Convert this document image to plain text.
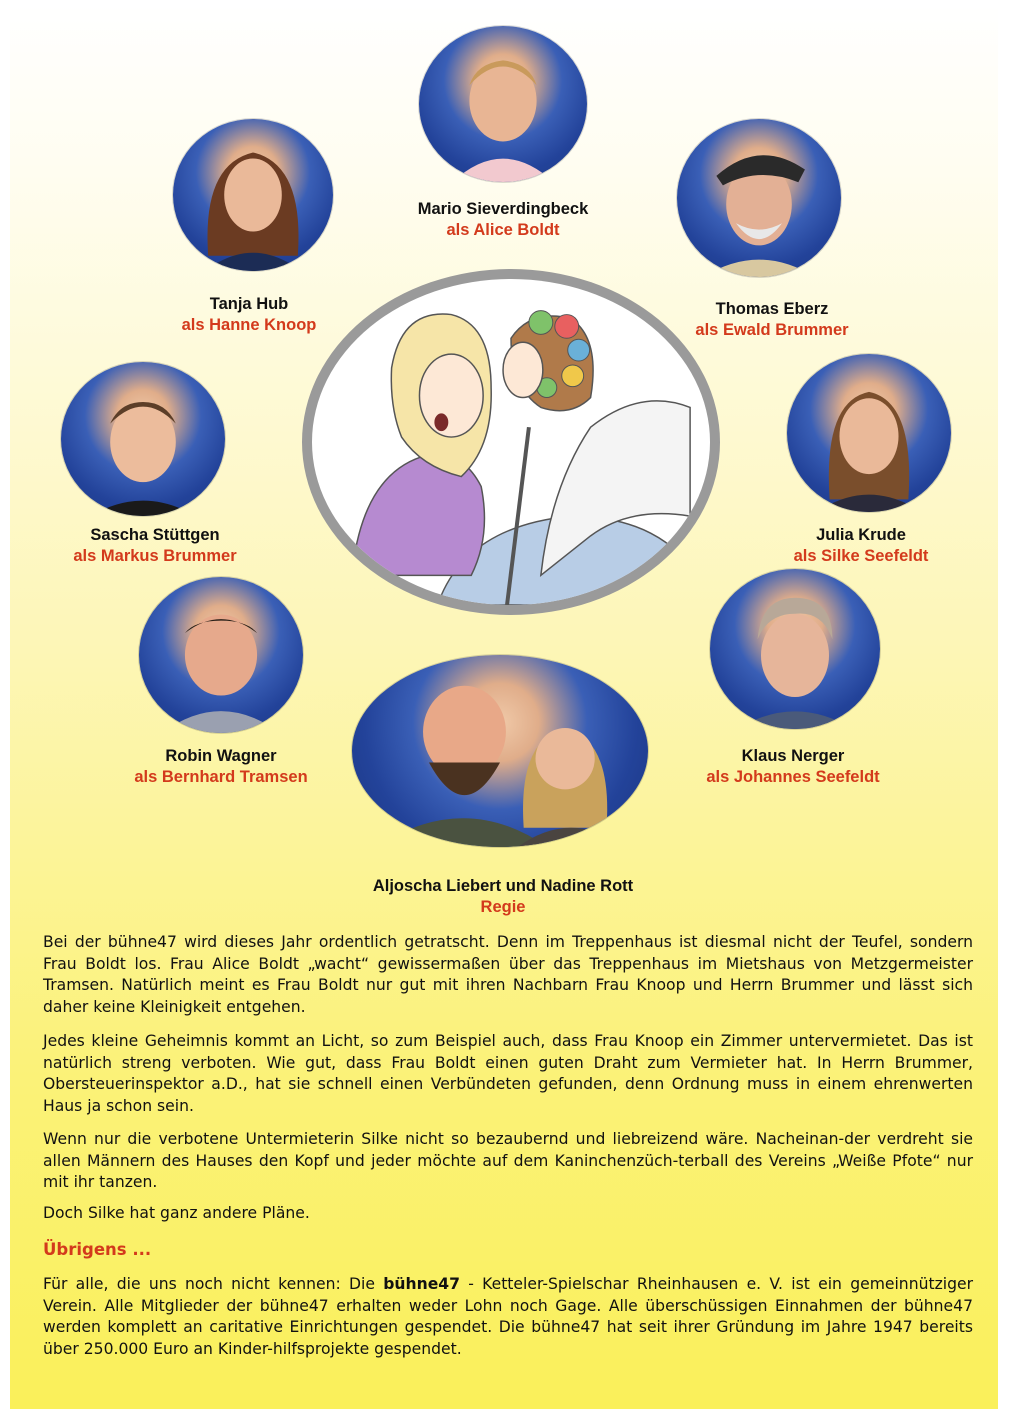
Mario Sieverdingbeck
als Alice Boldt
Tanja Hub
als Hanne Knoop
Thomas Eberz
als Ewald Brummer
Sascha Stüttgen
als Markus Brummer
Julia Krude
als Silke Seefeldt
Robin Wagner
als Bernhard Tramsen
Klaus Nerger
als Johannes Seefeldt
Aljoscha Liebert und Nadine Rott
Regie
Bei der bühne47 wird dieses Jahr ordentlich getratscht. Denn im Treppenhaus ist diesmal nicht der Teufel, sondern Frau Boldt los. Frau Alice Boldt „wacht“ gewissermaßen über das Treppenhaus im Mietshaus von Metzgermeister Tramsen. Natürlich meint es Frau Boldt nur gut mit ihren Nachbarn Frau Knoop und Herrn Brummer und lässt sich daher keine Kleinigkeit entgehen.
Jedes kleine Geheimnis kommt an Licht, so zum Beispiel auch, dass Frau Knoop ein Zimmer untervermietet. Das ist natürlich streng verboten. Wie gut, dass Frau Boldt einen guten Draht zum Vermieter hat. In Herrn Brummer, Obersteuerinspektor a.D., hat sie schnell einen Verbündeten gefunden, denn Ordnung muss in einem ehrenwerten Haus ja schon sein.
Wenn nur die verbotene Untermieterin Silke nicht so bezaubernd und liebreizend wäre. Nacheinan-der verdreht sie allen Männern des Hauses den Kopf und jeder möchte auf dem Kaninchenzüch-terball des Vereins „Weiße Pfote“ nur mit ihr tanzen.
Doch Silke hat ganz andere Pläne.
Übrigens ...
Für alle, die uns noch nicht kennen: Die bühne47 - Ketteler-Spielschar Rheinhausen e. V. ist ein gemeinnütziger Verein. Alle Mitglieder der bühne47 erhalten weder Lohn noch Gage. Alle überschüssigen Einnahmen der bühne47 werden komplett an caritative Einrichtungen gespendet. Die bühne47 hat seit ihrer Gründung im Jahre 1947 bereits über 250.000 Euro an Kinder-hilfsprojekte gespendet.
